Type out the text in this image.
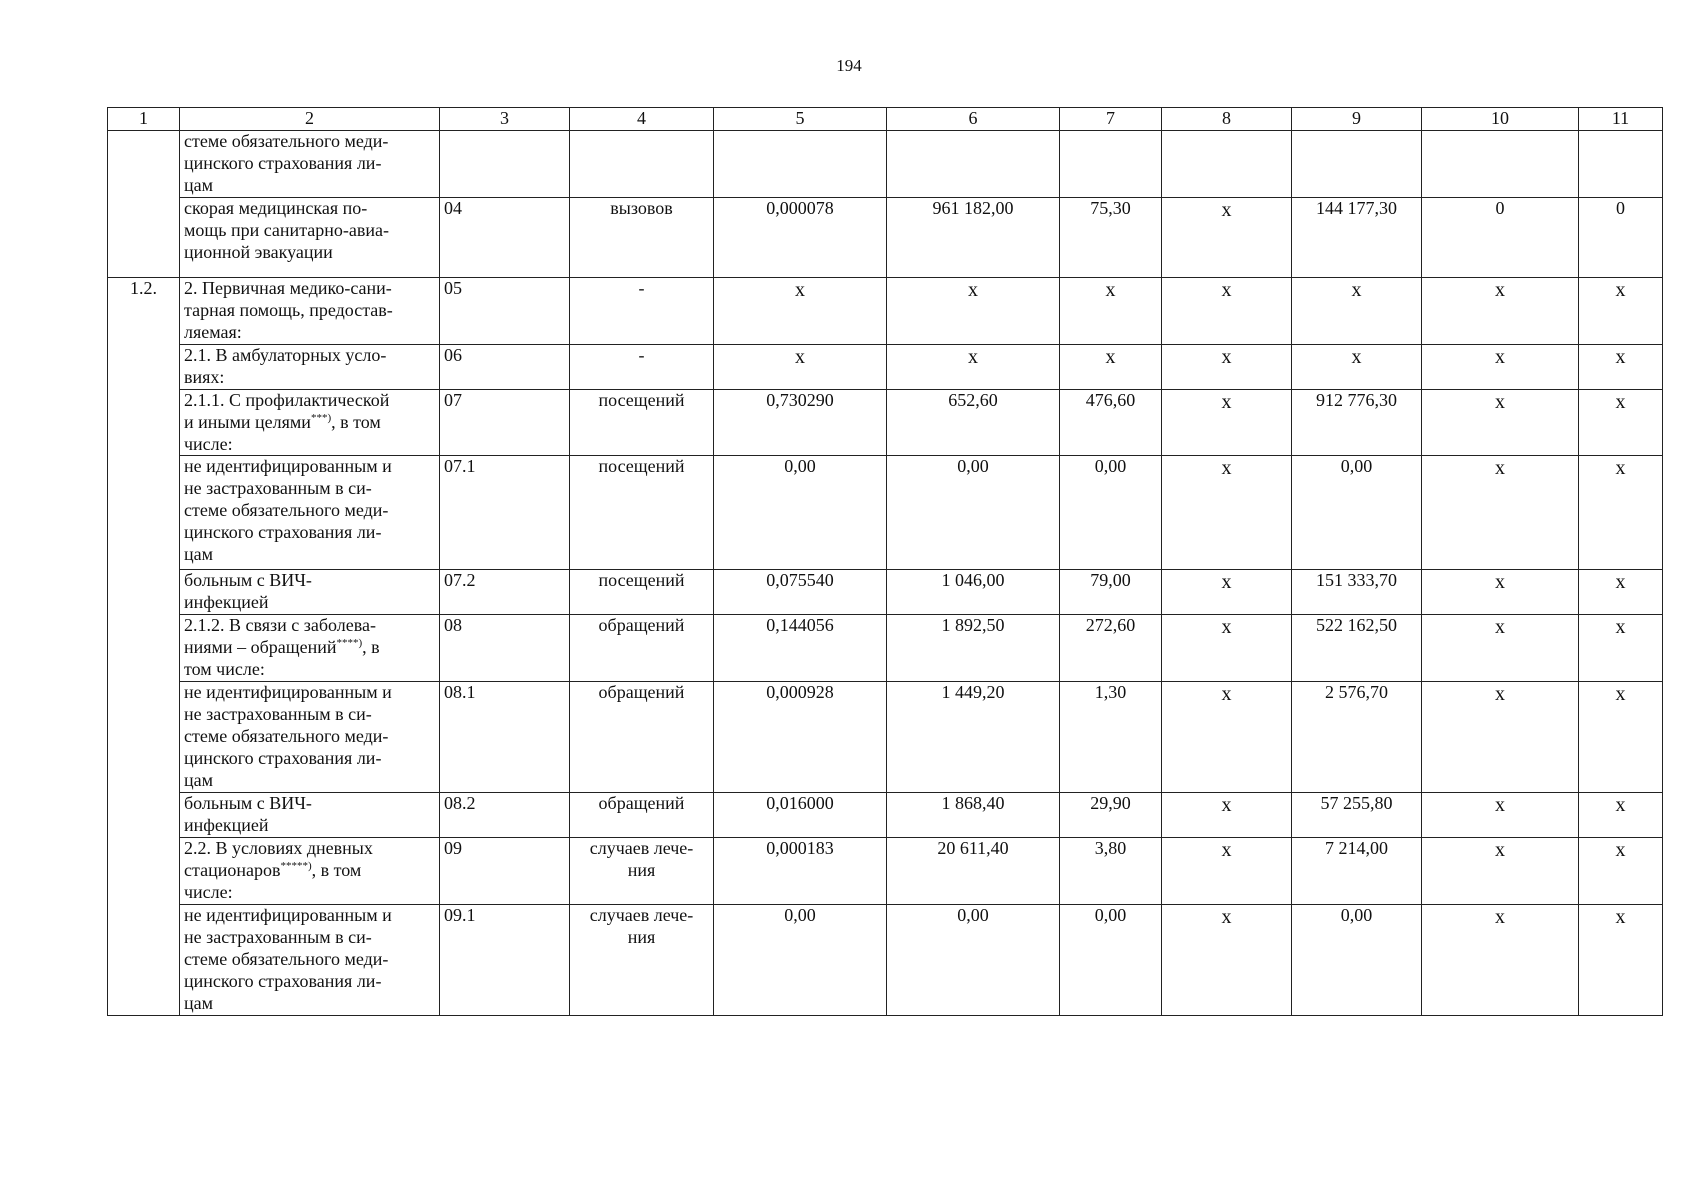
194
1	2	3	4	5	6	7	8	9	10	11
	стеме обязательного меди-
цинского страхования ли-
цам									
	скорая медицинская по-
мощь при санитарно-авиа-
ционной эвакуации	04	вызовов	0,000078	961 182,00	75,30	х	144 177,30	0	0
1.2.	2. Первичная медико-сани-
тарная помощь, предостав-
ляемая:	05	-	х	х	х	х	х	х	х
	2.1. В амбулаторных усло-
виях:	06	-	х	х	х	х	х	х	х
	2.1.1. С профилактической
и иными целями***), в том
числе:	07	посещений	0,730290	652,60	476,60	х	912 776,30	х	х
	не идентифицированным и
не застрахованным в си-
стеме обязательного меди-
цинского страхования ли-
цам	07.1	посещений	0,00	0,00	0,00	х	0,00	х	х
	больным с ВИЧ-
инфекцией	07.2	посещений	0,075540	1 046,00	79,00	х	151 333,70	х	х
	2.1.2. В связи с заболева-
ниями – обращений****), в
том числе:	08	обращений	0,144056	1 892,50	272,60	х	522 162,50	х	х
	не идентифицированным и
не застрахованным в си-
стеме обязательного меди-
цинского страхования ли-
цам	08.1	обращений	0,000928	1 449,20	1,30	х	2 576,70	х	х
	больным с ВИЧ-
инфекцией	08.2	обращений	0,016000	1 868,40	29,90	х	57 255,80	х	х
	2.2. В условиях дневных
стационаров*****), в том
числе:	09	случаев лече-
ния	0,000183	20 611,40	3,80	х	7 214,00	х	х
	не идентифицированным и
не застрахованным в си-
стеме обязательного меди-
цинского страхования ли-
цам	09.1	случаев лече-
ния	0,00	0,00	0,00	х	0,00	х	х
